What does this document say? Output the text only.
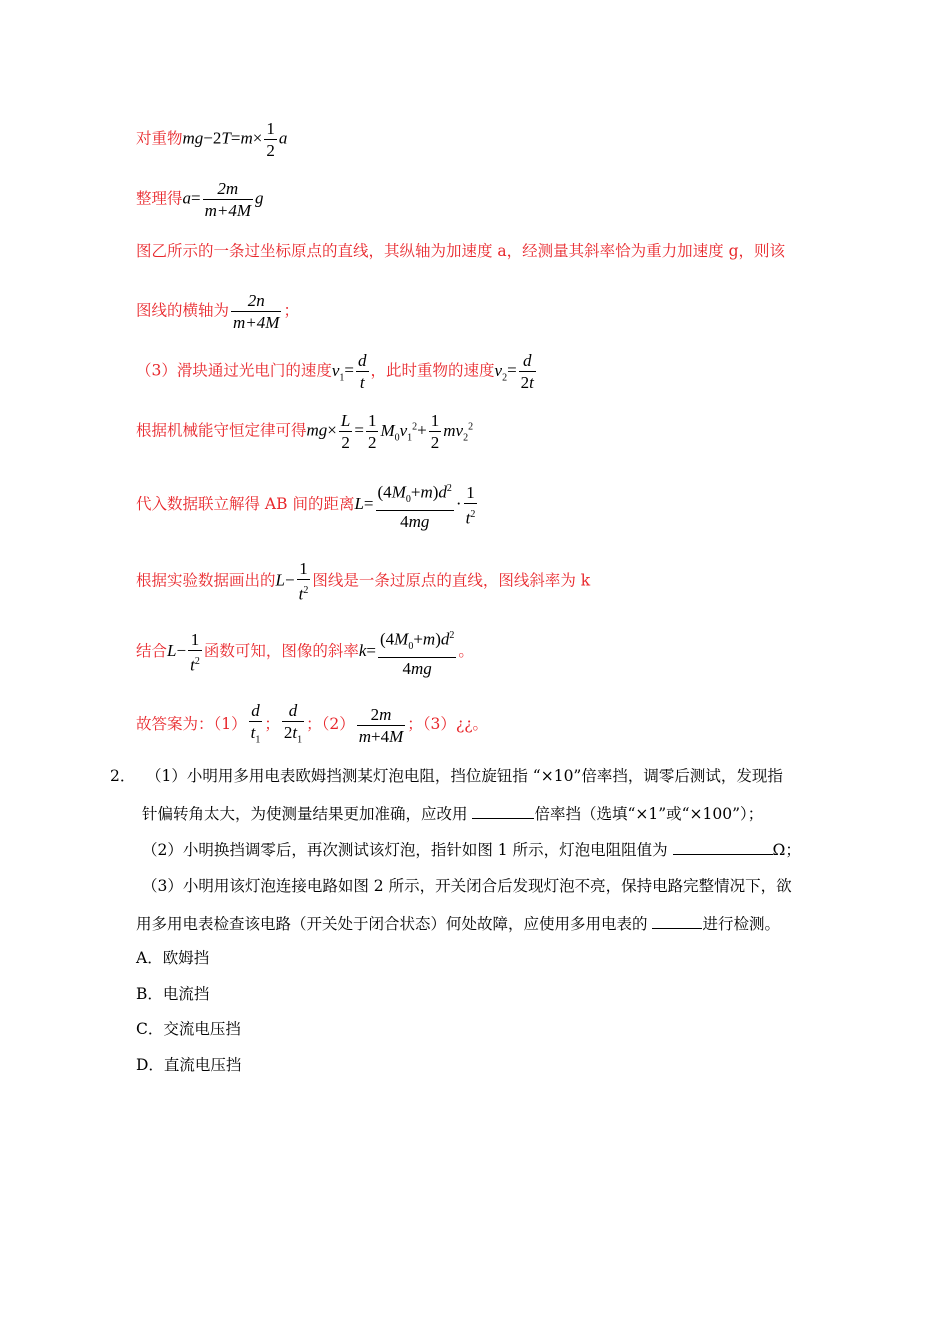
对重物$mg-2T=m\times \frac{1}{2}$ a
整理得$a= \frac{2m}{m+4M}$ g
图乙所示的一条过坐标原点的直线，其纵轴为加速度 a，经测量其斜率恰为重力加速度 g，则该
图线的横轴为 $\frac{2n}{m+4M}$ ；
（3）滑块通过光电门的速度$v_1= \frac{d}{t}$ ，此时重物的速度$v_2= \frac{d}{2t}$
根据机械能守恒定律可得$mg\times \frac{L}{2} = \frac{1}{2} M_0v_1^2+ \frac{1}{2} mv_2^2$
代入数据联立解得 AB 间的距离$L= \frac{(4M_0+m)d^2}{4mg} \cdot \frac{1}{t^2}$
根据实验数据画出的$L- \frac{1}{t^2}$ 图线是一条过原点的直线，图线斜率为 k
结合$L- \frac{1}{t^2}$ 函数可知，图像的斜率$k= \frac{(4M_0+m)d^2}{4mg}$ 。
故答案为：$(1) \frac{d}{t_1}$ ； $\frac{d}{2t_1}$ ；$(2) \frac{2m}{m+4M}$ ；（3）¿¿。
2． （1）小明用多用电表欧姆挡测某灯泡电阻，挡位旋钮指 “×10”倍率挡，调零后测试，发现指
针偏转角太大，为使测量结果更加准确，应改用	倍率挡（选填“×1”或“×100”）；
（2）小明换挡调零后，再次测试该灯泡，指针如图 1 所示，灯泡电阻阻值为	Ω；
（3）小明用该灯泡连接电路如图 2 所示，开关闭合后发现灯泡不亮，保持电路完整情况下，欲
用多用电表检查该电路（开关处于闭合状态）何处故障，应使用多用电表的	进行检测。
A．欧姆挡
B．电流挡
C．交流电压挡
D．直流电压挡
